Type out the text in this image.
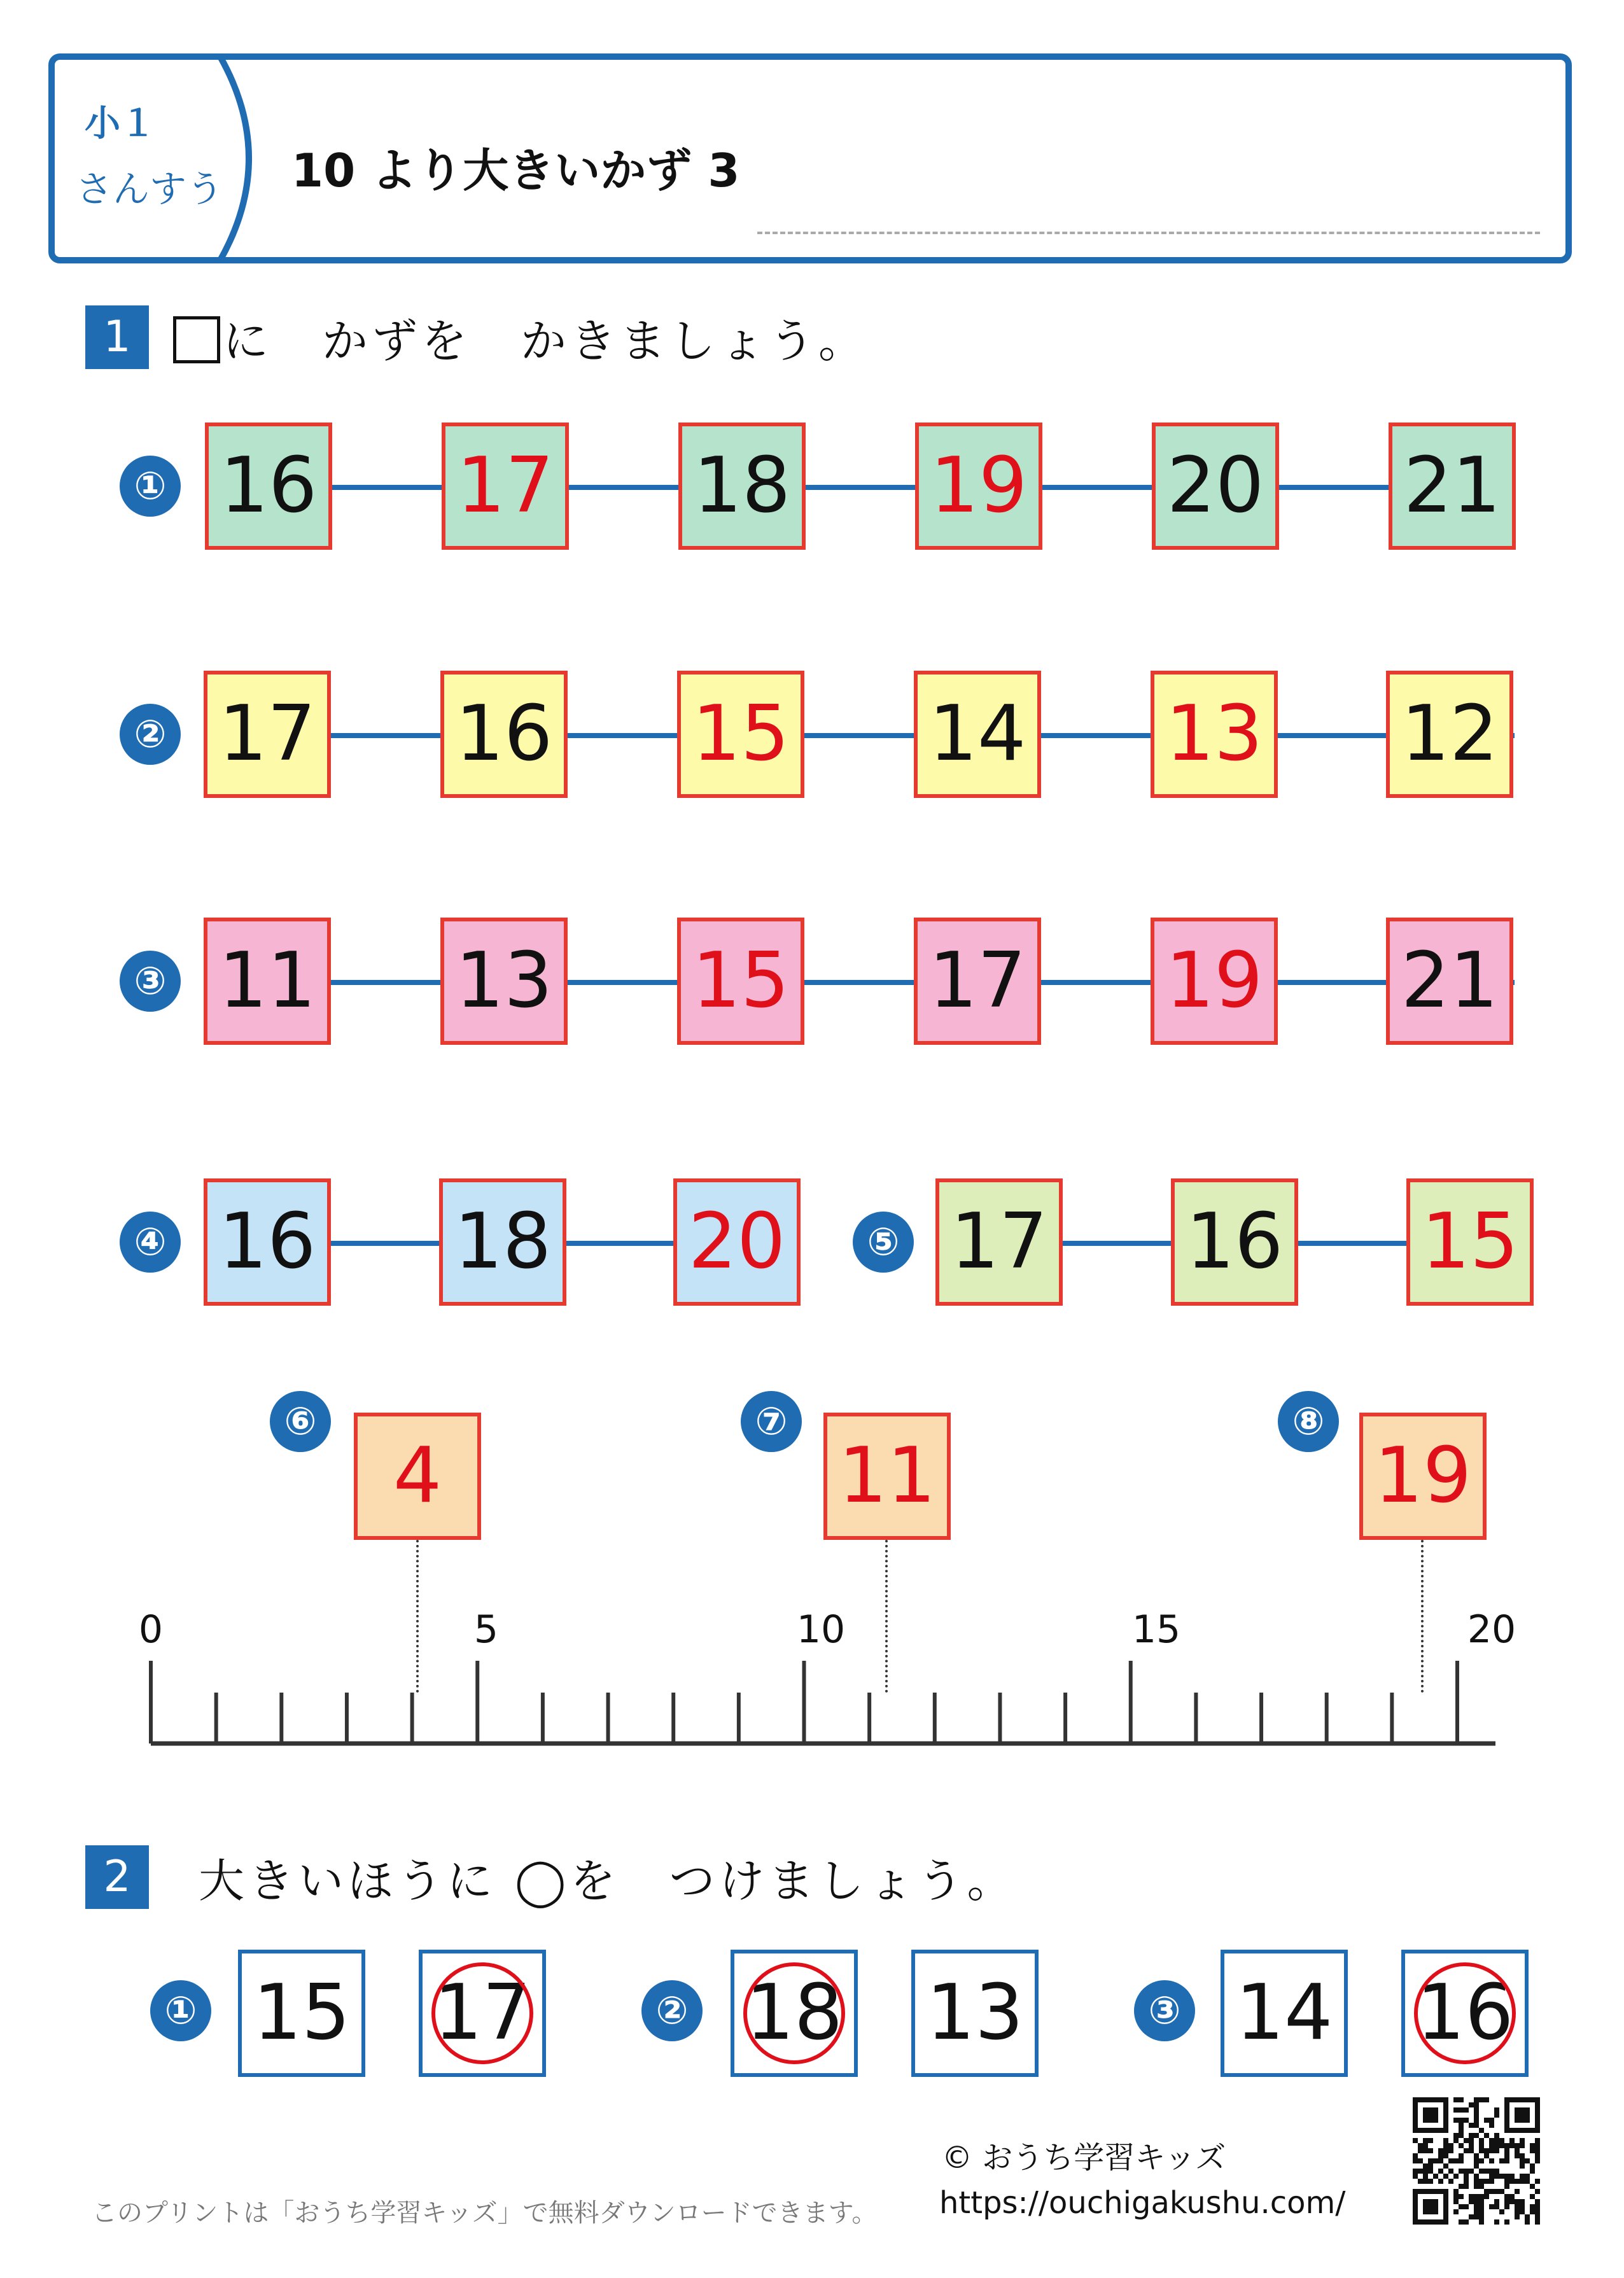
小１
さんすう 10 より大きいかず 3
1	に　かずを　かきましょう。
① 16 17 18 19 20 21
② 17 16 15 14 13 12
③ 11 13 15 17 19 21
④ 16 18 20	⑤ 17 16 15
⑥
4
⑦
11
⑧
19
0	5	10	15	20
2	大きいほうに ◯を　つけましょう。
① 15 17	② 18 13	③ 14 16
© おうち学習キッズ
https://ouchigakushu.com/
このプリントは「おうち学習キッズ」で無料ダウンロードできます。
